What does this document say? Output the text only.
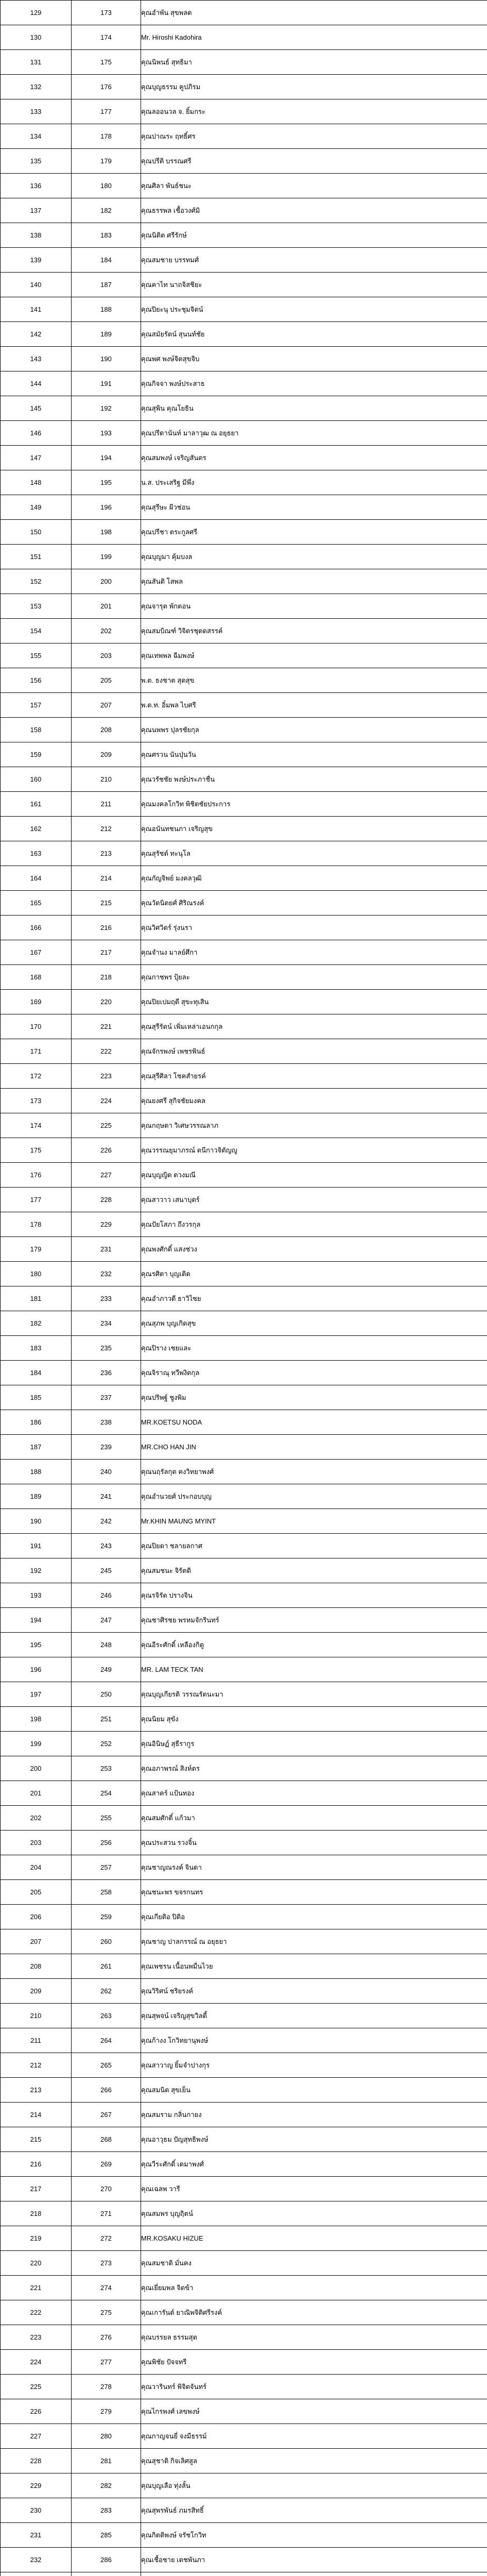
129	173	คุณอำพัน สุขพลด
130	174	Mr. Hiroshi Kadohira
131	175	คุณนิพนธ์ สุทธิมา
132	176	คุณบุญธรรม คูปภิรม
133	177	คุณลออนวล จ. ยิ้มกระ
134	178	คุณปาณระ ฤทธิ์ศร
135	179	คุณปรีติ บรรณศรี
136	180	คุณศิลา พันธ์ชนะ
137	182	คุณธรรพล เชื้อวงศ์มิ
138	183	คุณนิติต ศรีรักษ์
139	184	คุณสมชาย บรรทมศ์
140	187	คุณคาไท นาถจิสชิยะ
141	188	คุณปิยะนุ ประชุมจิตน์
142	189	คุณสมัยรัตน์ สุนนท์ชัย
143	190	คุณพศ พงษ์จิตสุขจิบ
144	191	คุณกิจจา พงษ์ประสาธ
145	192	คุณสุพิน คุณโยธิน
146	193	คุณปรีดานันท์ มาลาวุฒ ณ อยุธยา
147	194	คุณสมพงษ์ เจริญสันตร
148	195	น.ส. ประเสริฐ มีพึ่ง
149	196	คุณสุรีษะ ผีวช่อน
150	198	คุณปรีชา ตระกูลศรี
151	199	คุณบุญมา คุ้มบงล
152	200	คุณสันติ โสพล
153	201	คุณจารุต พักตอน
154	202	คุณสมบิณฑ์ วิจิตรชุดดสรรค์
155	203	คุณเทพพล ฉีมพงษ์
156	205	พ.ต. ธงชาต สุดสุข
157	207	พ.ต.ท. อิ๋มพล ไบศรี
158	208	คุณนพพร ปุลรชัยกุล
159	209	คุณศรวน นันปุ่นวัน
160	210	คุณวรัชชัย พงษ์ประภาชื่น
161	211	คุณมงคลโกวิท พิชิตชัยประการ
162	212	คุณอนันทชนภา เจริญสุข
163	213	คุณสุรัชต์ ทะนุโล
164	214	คุณกัญจิพย์ มงคลวุฒิ
165	215	คุณวัตนิตยศ์ ศิริณรงค์
166	216	คุณวิศวิดร์ รุ่งนรา
167	217	คุณจำนง มาลย์ศึกา
168	218	คุณกาชพร ปุ้ยละ
169	220	คุณปิยเปมฤดี สุขะทุเสิน
170	221	คุณสุรีรัตน์ เพิ่มเหล่าเอนกกุล
171	222	คุณจักรพงษ์ เพชรพินธ์
172	223	คุณสุรีศิลา โชคสำยรค์
173	224	คุณยงศรี สุกิจชัยมงคล
174	225	คุณกฤษดา วิเศษวรรณลาภ
175	226	คุณวรรณยุมาภรณ์ ตนีกาวจิตัญญู
176	227	คุณบุญญิด ดวงมณี
177	228	คุณสาวาว เสนาบุตร์
178	229	คุณปัยโสภา ถึงวรกุล
179	231	คุณพงศักดิ์ แสงช่วง
180	232	คุณรศิตา บุญเดิด
181	233	คุณอำภาวดี ธาวิไซย
182	234	คุณสุภพ บุญเกิดสุข
183	235	คุณปิราง เชยและ
184	236	คุณจิราณุ ทวีพงิตกุล
185	237	คุณปริพฐ์ ชูงพิม
186	238	MR.KOETSU NODA
187	239	MR.CHO HAN JIN
188	240	คุณนฤรัลกุต คงวิทยาพงศ์
189	241	คุณอำนวยศ์ ประกอบบุญ
190	242	Mr.KHIN MAUNG MYINT
191	243	คุณปิยดา ชลายลกาศ
192	245	คุณสมชนะ จิรัตติ
193	246	คุณรจิรัด ปรางจิน
194	247	คุณชาศิรชย พรหมจักรินทร์
195	248	คุณอีระศักดิ์ เหลืองกิตู
196	249	MR. LAM TECK TAN
197	250	คุณบุญเกียรติ วรรณรัตนะมา
198	251	คุณนิยม สุขัง
199	252	คุณอินิษฏ์ สุธีรากูร
200	253	คุณอภาพรณ์ สิงห์ตร
201	254	คุณสาคร์ แป้นทอง
202	255	คุณสมศักดิ์ แก้วมา
203	256	คุณประสวน รวงจิ้น
204	257	คุณชาญณรงค์ จินดา
205	258	คุณชนะพร ขจรกนทร
206	259	คุณเกียติอ ปิติอ
207	260	คุณชาญ ปาลกรรณ์ ณ อยุธยา
208	261	คุณเพชรน เนื้อนพมื่นไวย
209	262	คุณวิริศน์ ชริยรงค์
210	263	คุณสุพจน์ เจริญสุขวิลดี้
211	264	คุณก้างง โกวิทยานุพงษ์
212	265	คุณสาวาญ ยิ้มจำปางกุร
213	266	คุณสมนิต สุขเย็น
214	267	คุณสมราม กลิ่นกายง
215	268	คุณอาวุธม ปัญสุทธิพงษ์
216	269	คุณวีระศักดิ์ เดมาพงศ์
217	270	คุณเฉลพ วารี
218	271	คุณสมพร บุญฤิตน์
219	272	MR.KOSAKU HIZUE
220	273	คุณสมชาติ มั่นคง
221	274	คุณเยี่ยมพล จิตข้า
222	275	คุณเการันต์ ยาณิพจิติศรีรงค์
223	276	คุณบรรยล ธรรมสุต
224	277	คุณพิชัย ปัจจทรี
225	278	คุณวารินทร์ พิจิตจันทร์
226	279	คุณไกรพงศ์ เลขพงษ์
227	280	คุณกาญจนยี่ จงมีธรรม์
228	281	คุณสุชาติ กิจเลิศสูล
229	282	คุณบุญเลือ ทุ่งลั้น
230	283	คุณสุพรพันธ์ ภมรสิทธิ์
231	285	คุณกิตติพงษ์ จรัชโกวิท
232	286	คุณเชื้อชาย เตชพันภา
